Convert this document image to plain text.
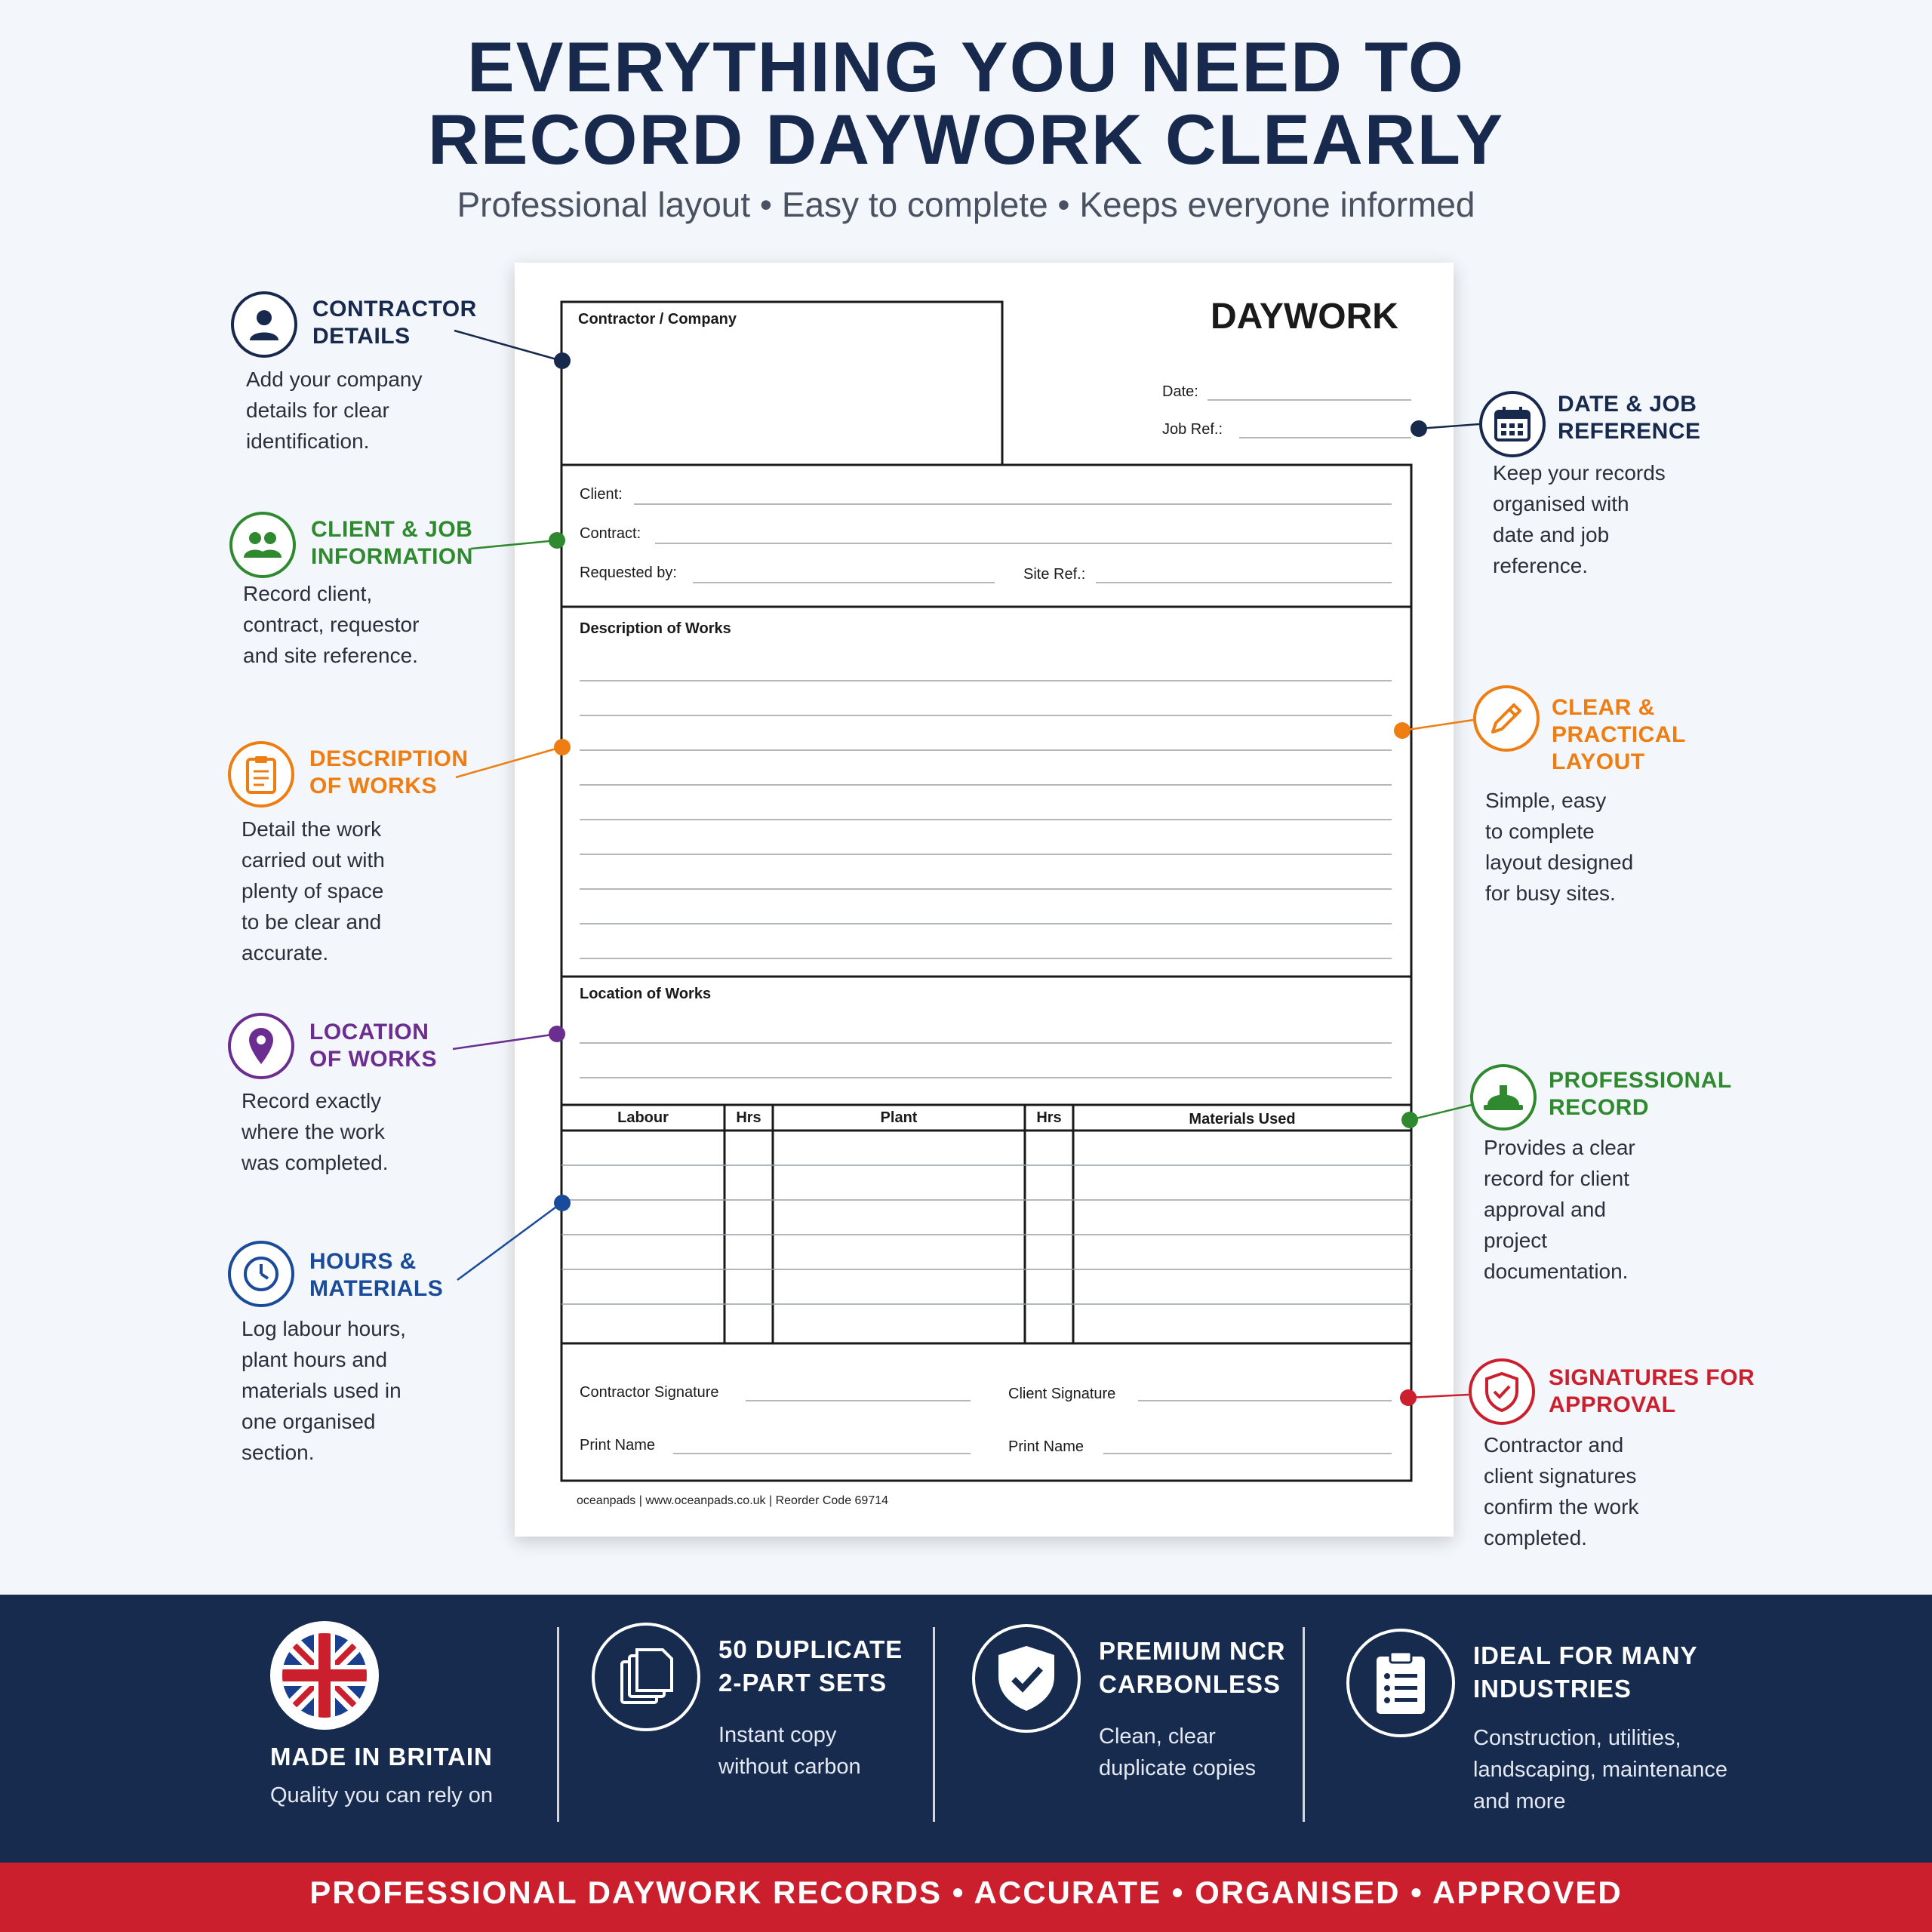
EVERYTHING YOU NEED TO
RECORD DAYWORK CLEARLY
Professional layout • Easy to complete • Keeps everyone informed
Contractor / Company	DAYWORK
Date:
Job Ref.:
Client:
Contract:
Requested by:	Site Ref.:
Description of Works
Location of Works
Labour	Hrs	Plant	Hrs	Materials Used
Contractor Signature	Client Signature
Print Name	Print Name
oceanpads | www.oceanpads.co.uk | Reorder Code 69714
CONTRACTOR
DETAILS
Add your company
details for clear
identification.
CLIENT & JOB
INFORMATION
Record client,
contract, requestor
and site reference.
DESCRIPTION
OF WORKS
Detail the work
carried out with
plenty of space
to be clear and
accurate.
LOCATION
OF WORKS
Record exactly
where the work
was completed.
HOURS &
MATERIALS
Log labour hours,
plant hours and
materials used in
one organised
section.
DATE & JOB
REFERENCE
Keep your records
organised with
date and job
reference.
CLEAR &
PRACTICAL
LAYOUT
Simple, easy
to complete
layout designed
for busy sites.
PROFESSIONAL
RECORD
Provides a clear
record for client
approval and
project
documentation.
SIGNATURES FOR
APPROVAL
Contractor and
client signatures
confirm the work
completed.
MADE IN BRITAIN
Quality you can rely on
50 DUPLICATE
2-PART SETS
Instant copy
without carbon
PREMIUM NCR
CARBONLESS
Clean, clear
duplicate copies
IDEAL FOR MANY
INDUSTRIES
Construction, utilities,
landscaping, maintenance
and more
PROFESSIONAL DAYWORK RECORDS • ACCURATE • ORGANISED • APPROVED
